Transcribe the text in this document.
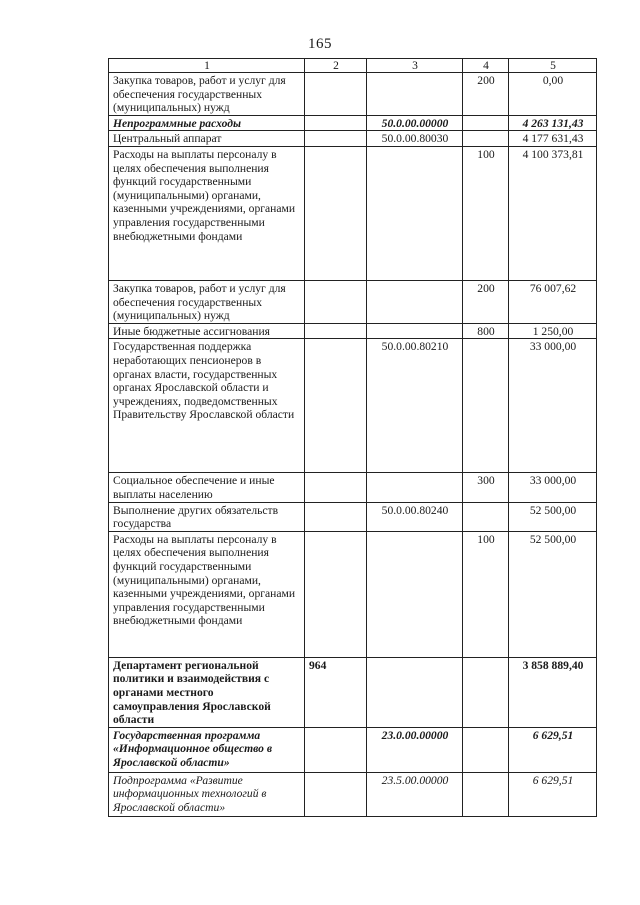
165
1	2	3	4	5
Закупка товаров, работ и услуг для обеспечения государственных (муниципальных) нужд			200	0,00
Непрограммные расходы		50.0.00.00000		4 263 131,43
Центральный аппарат		50.0.00.80030		4 177 631,43
Расходы на выплаты персоналу в целях обеспечения выполнения функций государственными (муниципальными) органами, казенными учреждениями, органами управления государственными внебюджетными фондами			100	4 100 373,81
Закупка товаров, работ и услуг для обеспечения государственных (муниципальных) нужд			200	76 007,62
Иные бюджетные ассигнования			800	1 250,00
Государственная поддержка неработающих пенсионеров в органах власти, государственных органах Ярославской области и учреждениях, подведомственных Правительству Ярославской области		50.0.00.80210		33 000,00
Социальное обеспечение и иные выплаты населению			300	33 000,00
Выполнение других обязательств государства		50.0.00.80240		52 500,00
Расходы на выплаты персоналу в целях обеспечения выполнения функций государственными (муниципальными) органами, казенными учреждениями, органами управления государственными внебюджетными фондами			100	52 500,00
Департамент региональной политики и взаимодействия с органами местного самоуправления Ярославской области	964			3 858 889,40
Государственная программа «Информационное общество в Ярославской области»		23.0.00.00000		6 629,51
Подпрограмма «Развитие информационных технологий в Ярославской области»		23.5.00.00000		6 629,51
